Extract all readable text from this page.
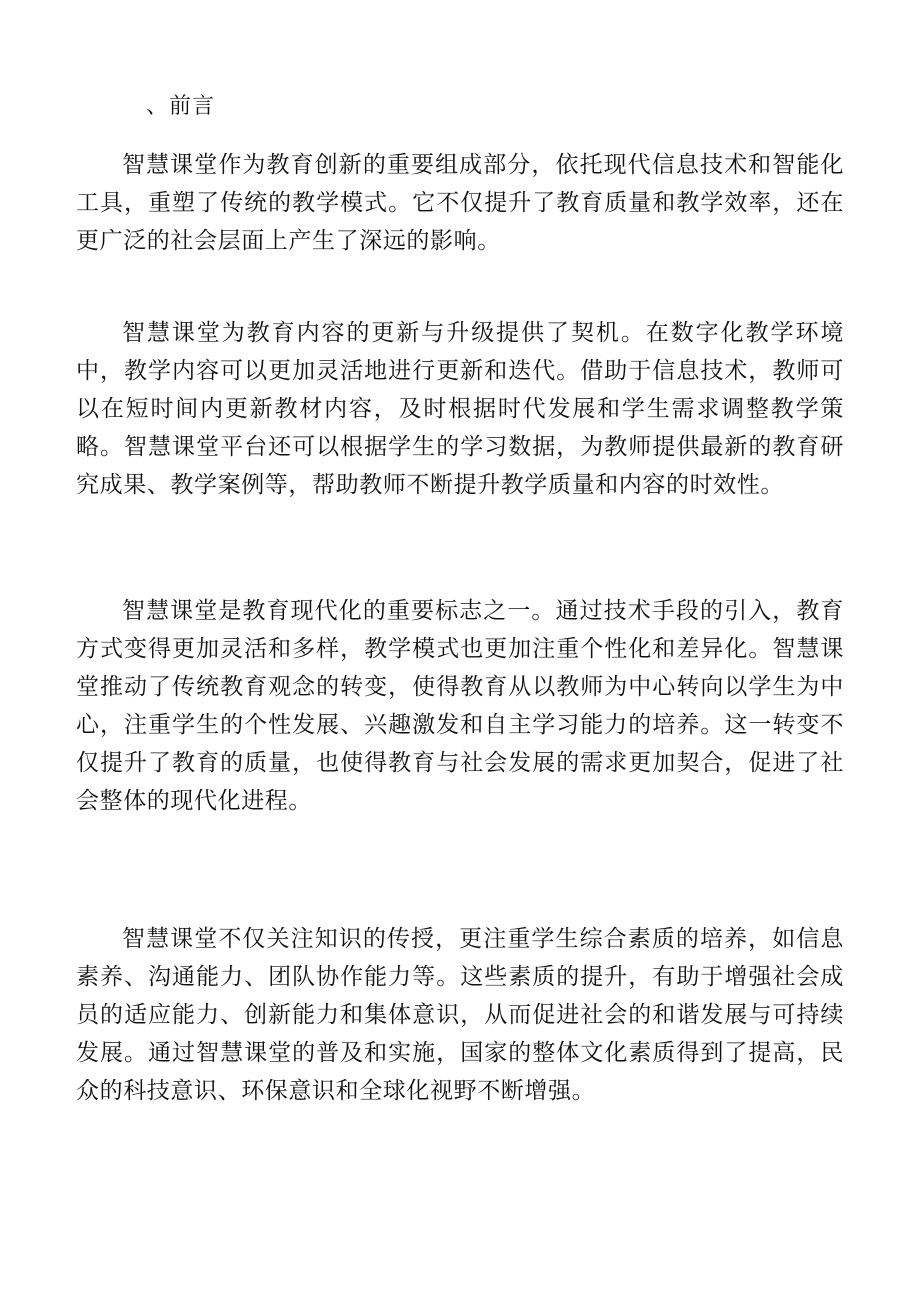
、前言

智慧课堂作为教育创新的重要组成部分，依托现代信息技术和智能化工具，重塑了传统的教学模式。它不仅提升了教育质量和教学效率，还在更广泛的社会层面上产生了深远的影响。

智慧课堂为教育内容的更新与升级提供了契机。在数字化教学环境中，教学内容可以更加灵活地进行更新和迭代。借助于信息技术，教师可以在短时间内更新教材内容，及时根据时代发展和学生需求调整教学策略。智慧课堂平台还可以根据学生的学习数据，为教师提供最新的教育研究成果、教学案例等，帮助教师不断提升教学质量和内容的时效性。

智慧课堂是教育现代化的重要标志之一。通过技术手段的引入，教育方式变得更加灵活和多样，教学模式也更加注重个性化和差异化。智慧课堂推动了传统教育观念的转变，使得教育从以教师为中心转向以学生为中心，注重学生的个性发展、兴趣激发和自主学习能力的培养。这一转变不仅提升了教育的质量，也使得教育与社会发展的需求更加契合，促进了社会整体的现代化进程。

智慧课堂不仅关注知识的传授，更注重学生综合素质的培养，如信息素养、沟通能力、团队协作能力等。这些素质的提升，有助于增强社会成员的适应能力、创新能力和集体意识，从而促进社会的和谐发展与可持续发展。通过智慧课堂的普及和实施，国家的整体文化素质得到了提高，民众的科技意识、环保意识和全球化视野不断增强。
